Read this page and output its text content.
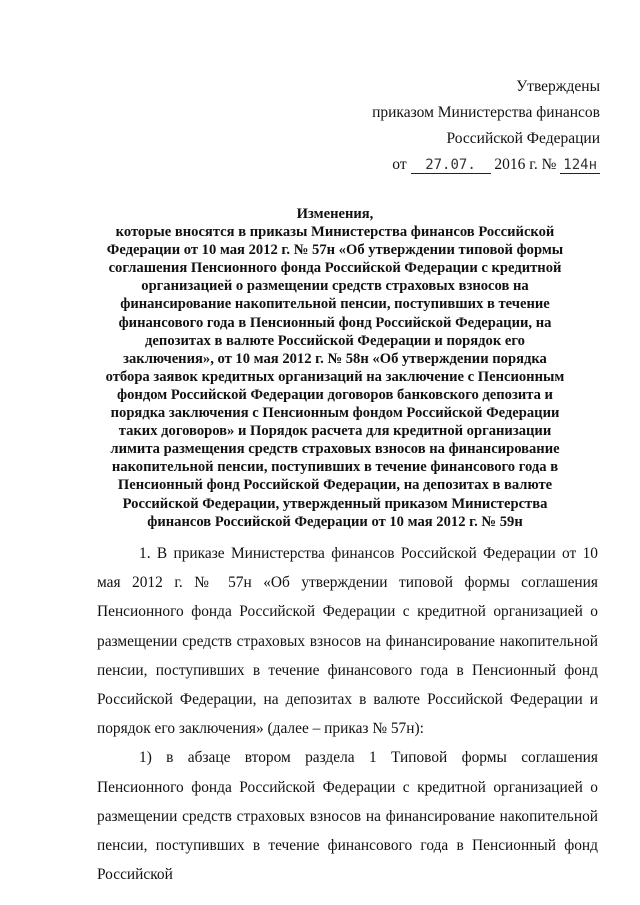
Утверждены
приказом Министерства финансов
Российской Федерации
от 27.07. 2016 г. № 124н
Изменения,
которые вносятся в приказы Министерства финансов Российской Федерации от 10 мая 2012 г. № 57н «Об утверждении типовой формы соглашения Пенсионного фонда Российской Федерации с кредитной организацией о размещении средств страховых взносов на финансирование накопительной пенсии, поступивших в течение финансового года в Пенсионный фонд Российской Федерации, на депозитах в валюте Российской Федерации и порядок его заключения», от 10 мая 2012 г. № 58н «Об утверждении порядка отбора заявок кредитных организаций на заключение с Пенсионным фондом Российской Федерации договоров банковского депозита и порядка заключения с Пенсионным фондом Российской Федерации таких договоров» и Порядок расчета для кредитной организации лимита размещения средств страховых взносов на финансирование накопительной пенсии, поступивших в течение финансового года в Пенсионный фонд Российской Федерации, на депозитах в валюте Российской Федерации, утвержденный приказом Министерства финансов Российской Федерации от 10 мая 2012 г. № 59н

1. В приказе Министерства финансов Российской Федерации от 10 мая 2012 г. № 57н «Об утверждении типовой формы соглашения Пенсионного фонда Российской Федерации с кредитной организацией о размещении средств страховых взносов на финансирование накопительной пенсии, поступивших в течение финансового года в Пенсионный фонд Российской Федерации, на депозитах в валюте Российской Федерации и порядок его заключения» (далее – приказ № 57н):

1) в абзаце втором раздела 1 Типовой формы соглашения Пенсионного фонда Российской Федерации с кредитной организацией о размещении средств страховых взносов на финансирование накопительной пенсии, поступивших в течение финансового года в Пенсионный фонд Российской
